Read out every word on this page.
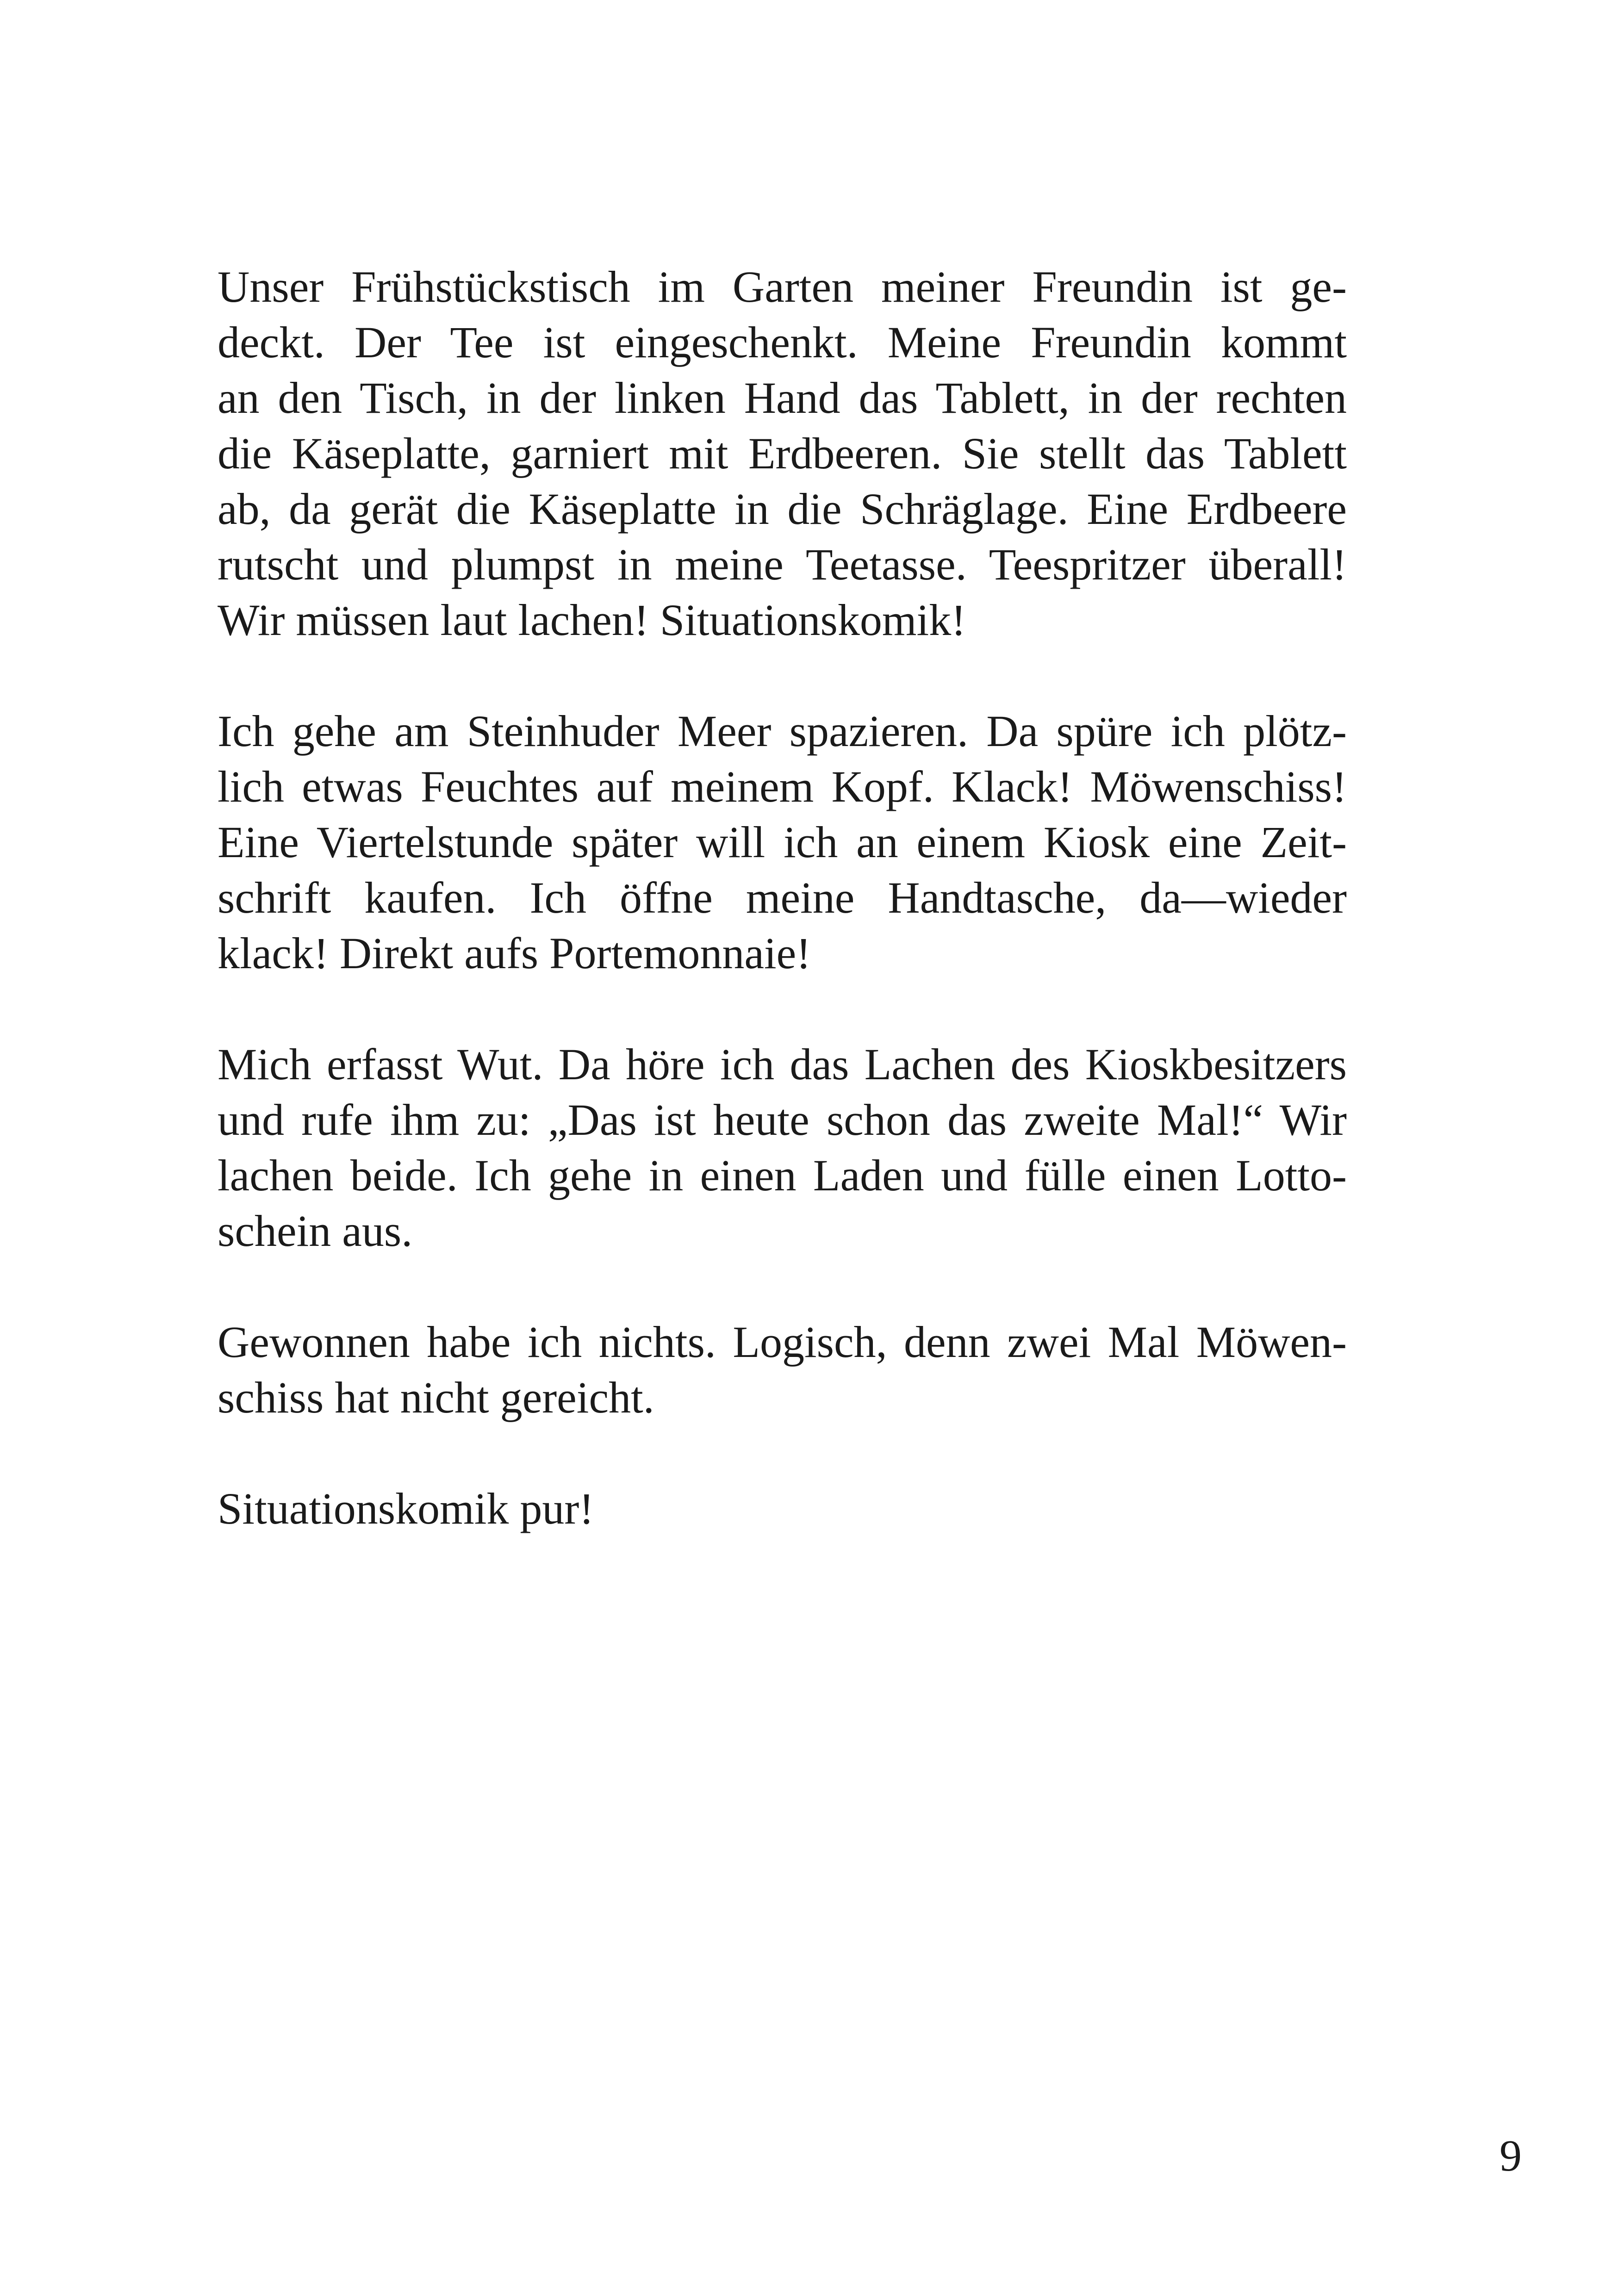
Unser Frühstückstisch im Garten meiner Freundin ist ge-
deckt. Der Tee ist eingeschenkt. Meine Freundin kommt
an den Tisch, in der linken Hand das Tablett, in der rechten
die Käseplatte, garniert mit Erdbeeren. Sie stellt das Tablett
ab, da gerät die Käseplatte in die Schräglage. Eine Erdbeere
rutscht und plumpst in meine Teetasse. Teespritzer überall!
Wir müssen laut lachen! Situationskomik!
Ich gehe am Steinhuder Meer spazieren. Da spüre ich plötz-
lich etwas Feuchtes auf meinem Kopf. Klack! Möwenschiss!
Eine Viertelstunde später will ich an einem Kiosk eine Zeit-
schrift kaufen. Ich öffne meine Handtasche, da—wieder
klack! Direkt aufs Portemonnaie!
Mich erfasst Wut. Da höre ich das Lachen des Kioskbesitzers
und rufe ihm zu: „Das ist heute schon das zweite Mal!“ Wir
lachen beide. Ich gehe in einen Laden und fülle einen Lotto-
schein aus.
Gewonnen habe ich nichts. Logisch, denn zwei Mal Möwen-
schiss hat nicht gereicht.
Situationskomik pur!
9
